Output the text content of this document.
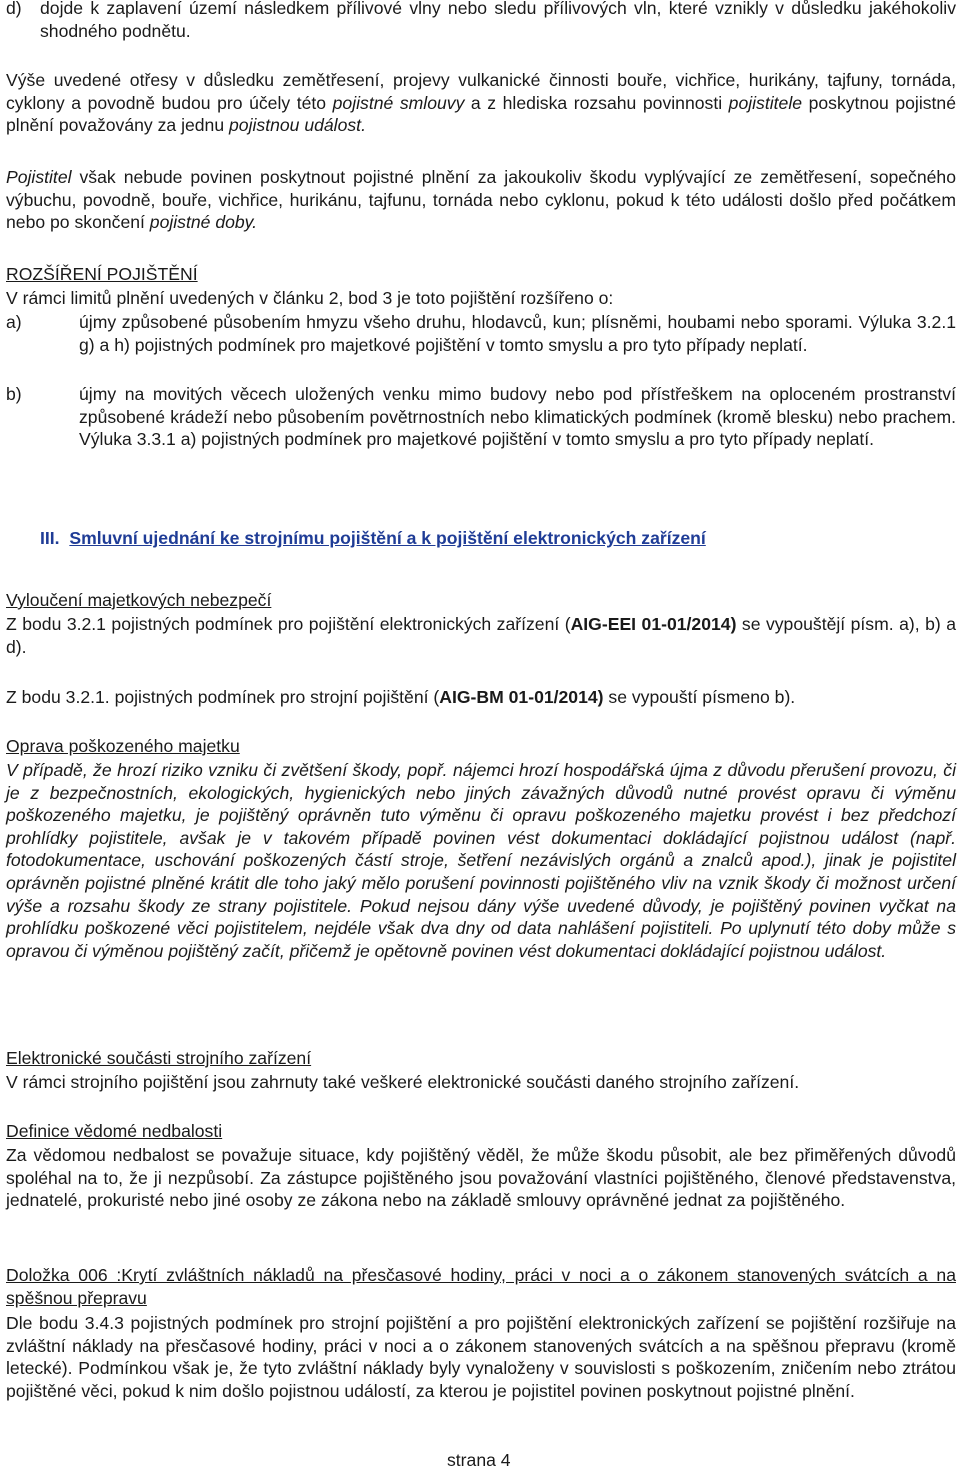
d)	dojde k zaplavení území následkem přílivové vlny nebo sledu přílivových vln, které vznikly v důsledku jakéhokoliv shodného podnětu.

Výše uvedené otřesy v důsledku zemětřesení, projevy vulkanické činnosti bouře, vichřice, hurikány, tajfuny, tornáda, cyklony a povodně budou pro účely této pojistné smlouvy a z hlediska rozsahu povinnosti pojistitele poskytnou pojistné plnění považovány za jednu pojistnou událost.

Pojistitel však nebude povinen poskytnout pojistné plnění za jakoukoliv škodu vyplývající ze zemětřesení, sopečného výbuchu, povodně, bouře, vichřice, hurikánu, tajfunu, tornáda nebo cyklonu, pokud k této události došlo před počátkem nebo po skončení pojistné doby.

ROZŠÍŘENÍ POJIŠTĚNÍ

V rámci limitů plnění uvedených v článku 2, bod 3 je toto pojištění rozšířeno o:

a)	újmy způsobené působením hmyzu všeho druhu, hlodavců, kun; plísněmi, houbami nebo sporami. Výluka 3.2.1 g) a h) pojistných podmínek pro majetkové pojištění v tomto smyslu a pro tyto případy neplatí.

b)	újmy na movitých věcech uložených venku mimo budovy nebo pod přístřeškem na oploceném prostranství způsobené krádeží nebo působením povětrnostních nebo klimatických podmínek (kromě blesku) nebo prachem. Výluka 3.3.1 a) pojistných podmínek pro majetkové pojištění v tomto smyslu a pro tyto případy neplatí.

III. Smluvní ujednání ke strojnímu pojištění a k pojištění elektronických zařízení

Vyloučení majetkových nebezpečí

Z bodu 3.2.1 pojistných podmínek pro pojištění elektronických zařízení (AIG-EEI 01-01/2014) se vypouštějí písm. a), b) a d).

Z bodu 3.2.1. pojistných podmínek pro strojní pojištění (AIG-BM 01-01/2014) se vypouští písmeno b).

Oprava poškozeného majetku

V případě, že hrozí riziko vzniku či zvětšení škody, popř. nájemci hrozí hospodářská újma z důvodu přerušení provozu, či je z bezpečnostních, ekologických, hygienických nebo jiných závažných důvodů nutné provést opravu či výměnu poškozeného majetku, je pojištěný oprávněn tuto výměnu či opravu poškozeného majetku provést i bez předchozí prohlídky pojistitele, avšak je v takovém případě povinen vést dokumentaci dokládající pojistnou událost (např. fotodokumentace, uschování poškozených částí stroje, šetření nezávislých orgánů a znalců apod.), jinak je pojistitel oprávněn pojistné plněné krátit dle toho jaký mělo porušení povinnosti pojištěného vliv na vznik škody či možnost určení výše a rozsahu škody ze strany pojistitele. Pokud nejsou dány výše uvedené důvody, je pojištěný povinen vyčkat na prohlídku poškozené věci pojistitelem, nejdéle však dva dny od data nahlášení pojistiteli. Po uplynutí této doby může s opravou či výměnou pojištěný začít, přičemž je opětovně povinen vést dokumentaci dokládající pojistnou událost.

Elektronické součásti strojního zařízení

V rámci strojního pojištění jsou zahrnuty také veškeré elektronické součásti daného strojního zařízení.

Definice vědomé nedbalosti

Za vědomou nedbalost se považuje situace, kdy pojištěný věděl, že může škodu působit, ale bez přiměřených důvodů spoléhal na to, že ji nezpůsobí. Za zástupce pojištěného jsou považování vlastníci pojištěného, členové představenstva, jednatelé, prokuristé nebo jiné osoby ze zákona nebo na základě smlouvy oprávněné jednat za pojištěného.

Doložka 006 :Krytí zvláštních nákladů na přesčasové hodiny, práci v noci a o zákonem stanovených svátcích a na spěšnou přepravu

Dle bodu 3.4.3 pojistných podmínek pro strojní pojištění a pro pojištění elektronických zařízení se pojištění rozšiřuje na zvláštní náklady na přesčasové hodiny, práci v noci a o zákonem stanovených svátcích a na spěšnou přepravu (kromě letecké). Podmínkou však je, že tyto zvláštní náklady byly vynaloženy v souvislosti s poškozením, zničením nebo ztrátou pojištěné věci, pokud k nim došlo pojistnou událostí, za kterou je pojistitel povinen poskytnout pojistné plnění.

strana 4
